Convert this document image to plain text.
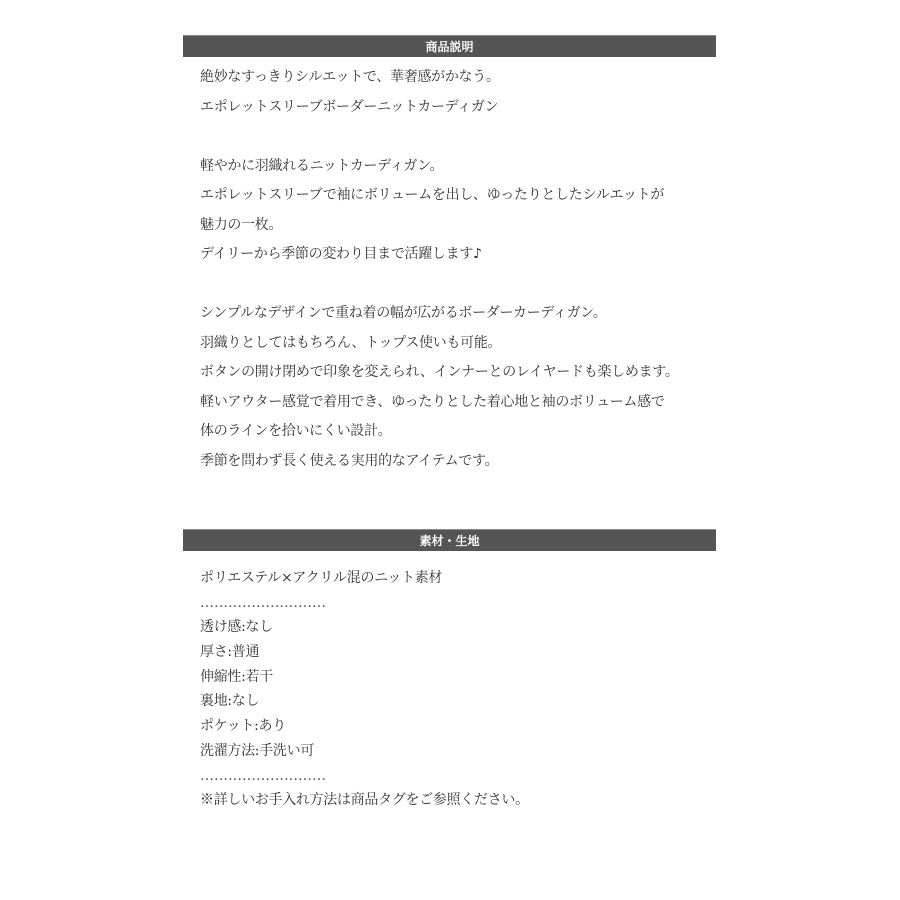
商品説明
絶妙なすっきりシルエットで、華奢感がかなう。
エポレットスリーブボーダーニットカーディガン
軽やかに羽織れるニットカーディガン。
エポレットスリーブで袖にボリュームを出し、ゆったりとしたシルエットが
魅力の一枚。
デイリーから季節の変わり目まで活躍します♪
シンプルなデザインで重ね着の幅が広がるボーダーカーディガン。
羽織りとしてはもちろん、トップス使いも可能。
ボタンの開け閉めで印象を変えられ、インナーとのレイヤードも楽しめます。
軽いアウター感覚で着用でき、ゆったりとした着心地と袖のボリューム感で
体のラインを拾いにくい設計。
季節を問わず長く使える実用的なアイテムです。
素材・生地
ポリエステル×アクリル混のニット素材
………………………
透け感:なし
厚さ:普通
伸縮性:若干
裏地:なし
ポケット:あり
洗濯方法:手洗い可
………………………
※詳しいお手入れ方法は商品タグをご参照ください。
